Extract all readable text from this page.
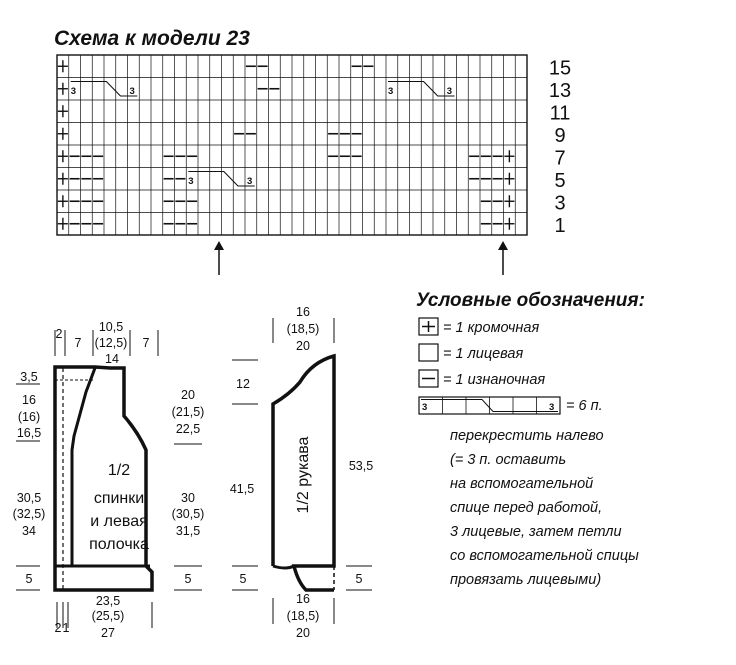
Схема к модели 23
3	3	3	3
3	3
15
13
11
9
7
5
3
1
Условные обозначения:
= 1 кромочная
= 1 лицевая
= 1 изнаночная
3	3 = 6 п.
перекрестить налево
(= 3 п. оставить
на вспомогательной
спице перед работой,
3 лицевые, затем петли
со вспомогательной спицы
провязать лицевыми)
1/2
спинки
и левая
полочка
2
7
10,5
(12,5)
14
7
3,5
16
(16)
16,5
30,5
(32,5)
34
5
20
(21,5)
22,5
30
(30,5)
31,5
5
23,5
(25,5)
27
2 1
1/2 рукава
16
(18,5)
20
12
41,5
5
53,5
5
16
(18,5)
20
